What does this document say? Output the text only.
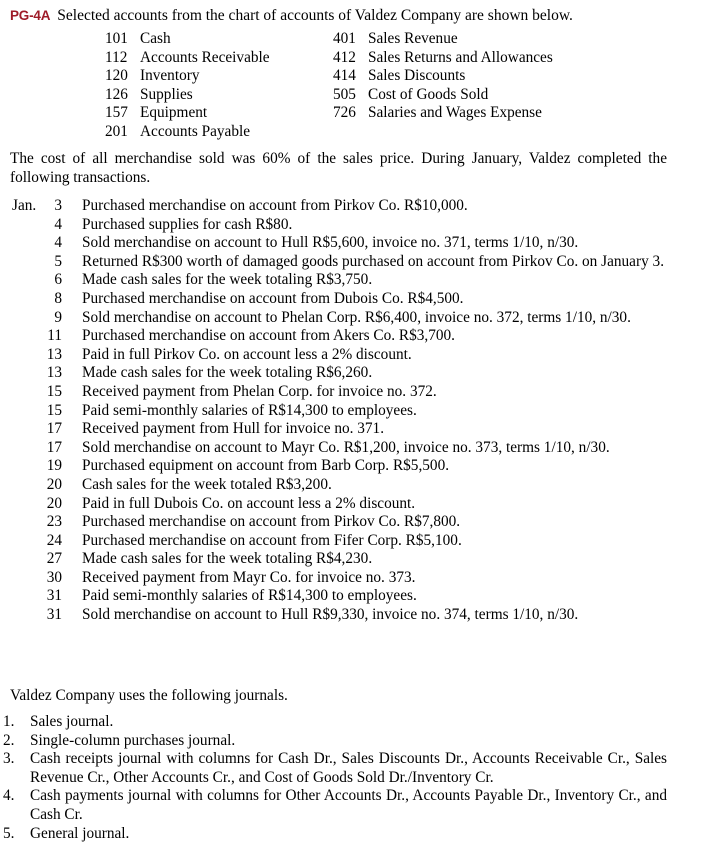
PG-4A Selected accounts from the chart of accounts of Valdez Company are shown below.
101 Cash
112 Accounts Receivable
120 Inventory
126 Supplies
157 Equipment
201 Accounts Payable
401 Sales Revenue
412 Sales Returns and Allowances
414 Sales Discounts
505 Cost of Goods Sold
726 Salaries and Wages Expense
The cost of all merchandise sold was 60% of the sales price. During January, Valdez completed the following transactions.
Jan.	3 Purchased merchandise on account from Pirkov Co. R$10,000.
4 Purchased supplies for cash R$80.
4 Sold merchandise on account to Hull R$5,600, invoice no. 371, terms 1/10, n/30.
5 Returned R$300 worth of damaged goods purchased on account from Pirkov Co. on January 3.
6 Made cash sales for the week totaling R$3,750.
8 Purchased merchandise on account from Dubois Co. R$4,500.
9 Sold merchandise on account to Phelan Corp. R$6,400, invoice no. 372, terms 1/10, n/30.
11 Purchased merchandise on account from Akers Co. R$3,700.
13 Paid in full Pirkov Co. on account less a 2% discount.
13 Made cash sales for the week totaling R$6,260.
15 Received payment from Phelan Corp. for invoice no. 372.
15 Paid semi-monthly salaries of R$14,300 to employees.
17 Received payment from Hull for invoice no. 371.
17 Sold merchandise on account to Mayr Co. R$1,200, invoice no. 373, terms 1/10, n/30.
19 Purchased equipment on account from Barb Corp. R$5,500.
20 Cash sales for the week totaled R$3,200.
20 Paid in full Dubois Co. on account less a 2% discount.
23 Purchased merchandise on account from Pirkov Co. R$7,800.
24 Purchased merchandise on account from Fifer Corp. R$5,100.
27 Made cash sales for the week totaling R$4,230.
30 Received payment from Mayr Co. for invoice no. 373.
31 Paid semi-monthly salaries of R$14,300 to employees.
31 Sold merchandise on account to Hull R$9,330, invoice no. 374, terms 1/10, n/30.
Valdez Company uses the following journals.
1.	Sales journal.
2.	Single-column purchases journal.
3.	Cash receipts journal with columns for Cash Dr., Sales Discounts Dr., Accounts Receivable Cr., Sales Revenue Cr., Other Accounts Cr., and Cost of Goods Sold Dr./Inventory Cr.
4.	Cash payments journal with columns for Other Accounts Dr., Accounts Payable Dr., Inventory Cr., and Cash Cr.
5.	General journal.
